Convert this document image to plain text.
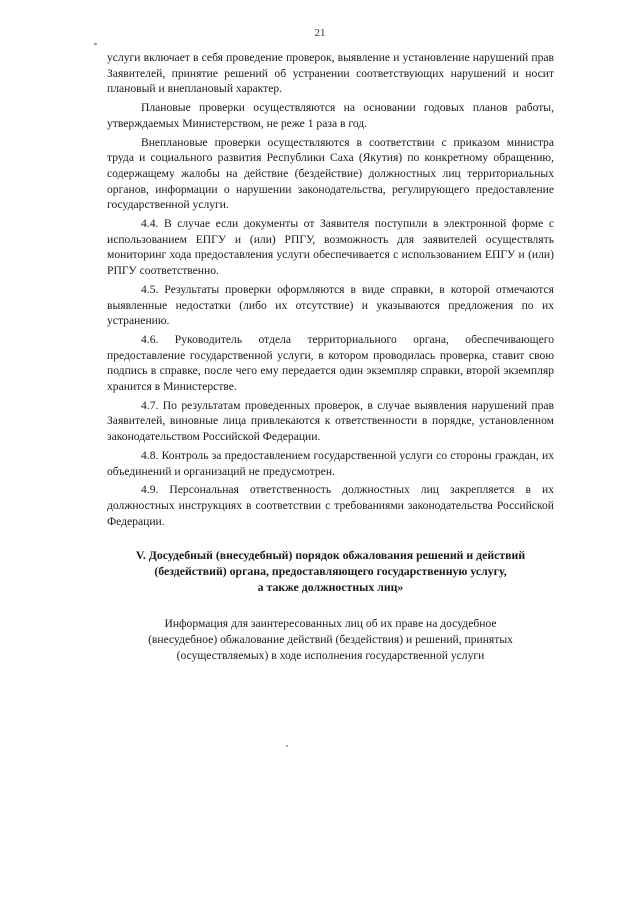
21

услуги включает в себя проведение проверок, выявление и установление нарушений прав Заявителей, принятие решений об устранении соответствующих нарушений и носит плановый и внеплановый характер.

Плановые проверки осуществляются на основании годовых планов работы, утверждаемых Министерством, не реже 1 раза в год.

Внеплановые проверки осуществляются в соответствии с приказом министра труда и социального развития Республики Саха (Якутия) по конкретному обращению, содержащему жалобы на действие (бездействие) должностных лиц территориальных органов, информации о нарушении законодательства, регулирующего предоставление государственной услуги.

4.4. В случае если документы от Заявителя поступили в электронной форме с использованием ЕПГУ и (или) РПГУ, возможность для заявителей осуществлять мониторинг хода предоставления услуги обеспечивается с использованием ЕПГУ и (или) РПГУ соответственно.

4.5. Результаты проверки оформляются в виде справки, в которой отмечаются выявленные недостатки (либо их отсутствие) и указываются предложения по их устранению.

4.6. Руководитель отдела территориального органа, обеспечивающего предоставление государственной услуги, в котором проводилась проверка, ставит свою подпись в справке, после чего ему передается один экземпляр справки, второй экземпляр хранится в Министерстве.

4.7. По результатам проведенных проверок, в случае выявления нарушений прав Заявителей, виновные лица привлекаются к ответственности в порядке, установленном законодательством Российской Федерации.

4.8. Контроль за предоставлением государственной услуги со стороны граждан, их объединений и организаций не предусмотрен.

4.9. Персональная ответственность должностных лиц закрепляется в их должностных инструкциях в соответствии с требованиями законодательства Российской Федерации.

V. Досудебный (внесудебный) порядок обжалования решений и действий
(бездействий) органа, предоставляющего государственную услугу,
а также должностных лиц»
Информация для заинтересованных лиц об их праве на досудебное
(внесудебное) обжалование действий (бездействия) и решений, принятых
(осуществляемых) в ходе исполнения государственной услуги
